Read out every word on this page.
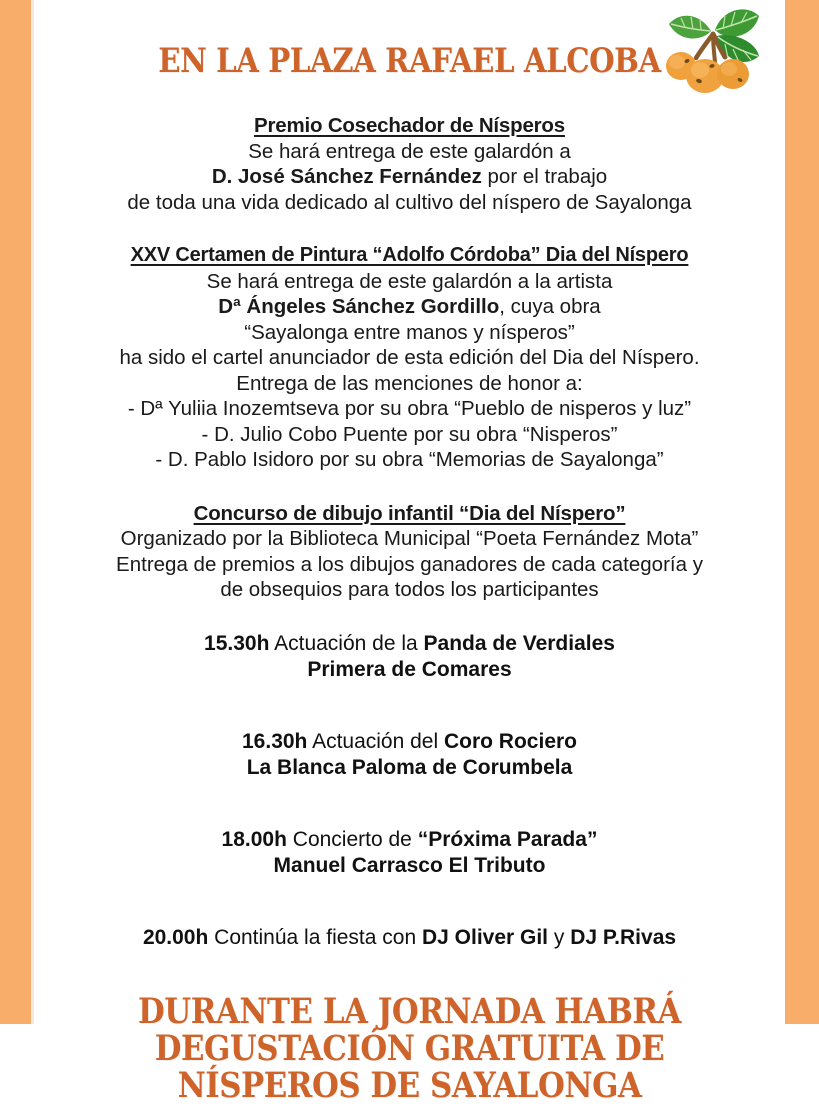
EN LA PLAZA RAFAEL ALCOBA
Premio Cosechador de Nísperos
Se hará entrega de este galardón a
D. José Sánchez Fernández por el trabajo
de toda una vida dedicado al cultivo del níspero de Sayalonga
XXV Certamen de Pintura “Adolfo Córdoba” Dia del Níspero
Se hará entrega de este galardón a la artista
Dª Ángeles Sánchez Gordillo, cuya obra
“Sayalonga entre manos y nísperos”
ha sido el cartel anunciador de esta edición del Dia del Níspero.
Entrega de las menciones de honor a:
- Dª Yuliia Inozemtseva por su obra “Pueblo de nisperos y luz”
- D. Julio Cobo Puente por su obra “Nisperos”
- D. Pablo Isidoro por su obra “Memorias de Sayalonga”
Concurso de dibujo infantil “Dia del Níspero”
Organizado por la Biblioteca Municipal “Poeta Fernández Mota”
Entrega de premios a los dibujos ganadores de cada categoría y
de obsequios para todos los participantes
15.30h Actuación de la Panda de Verdiales
Primera de Comares
16.30h Actuación del Coro Rociero
La Blanca Paloma de Corumbela
18.00h Concierto de “Próxima Parada”
Manuel Carrasco El Tributo
20.00h Continúa la fiesta con DJ Oliver Gil y DJ P.Rivas
DURANTE LA JORNADA HABRÁ
DEGUSTACIÓN GRATUITA DE
NÍSPEROS DE SAYALONGA
